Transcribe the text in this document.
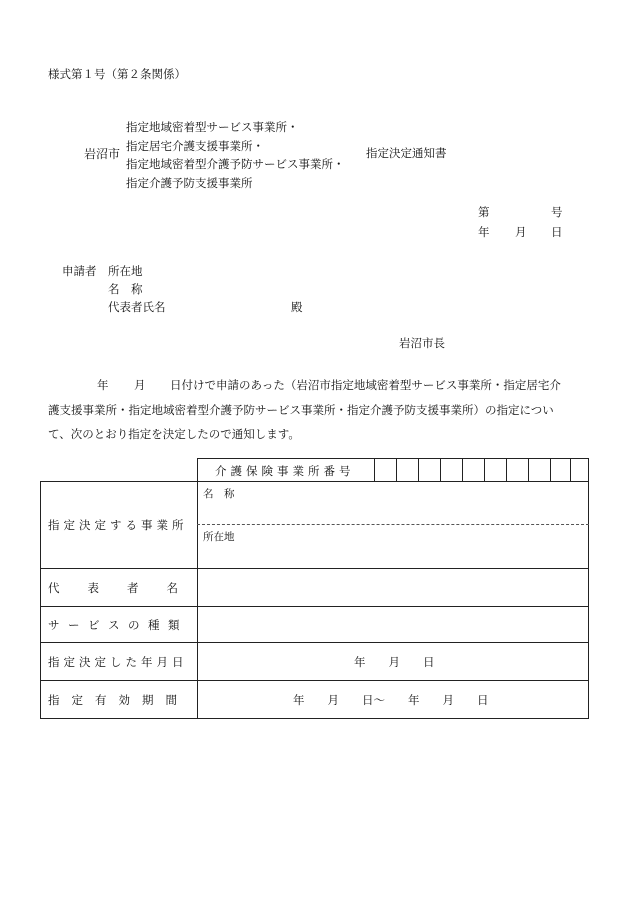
様式第１号（第２条関係）
岩沼市
指定地域密着型サービス事業所・
指定居宅介護支援事業所・
指定地域密着型介護予防サービス事業所・
指定介護予防支援事業所
指定決定通知書
第	号
年 月 日
申請者 所在地
名　称
代表者氏名	殿
岩沼市長
年 月 日付けで申請のあった（岩沼市指定地域密着型サービス事業所・指定居宅介
護支援事業所・指定地域密着型介護予防サービス事業所・指定介護予防支援事業所）の指定につい
て、次のとおり指定を決定したので通知します。
介護保険事業所番号
指定決定する事業所
名　称
所在地
代表者名
サービスの種類
指定決定した年月日	年　　月　　日
指定有効期間	年　　月　　日～　　年　　月　　日
